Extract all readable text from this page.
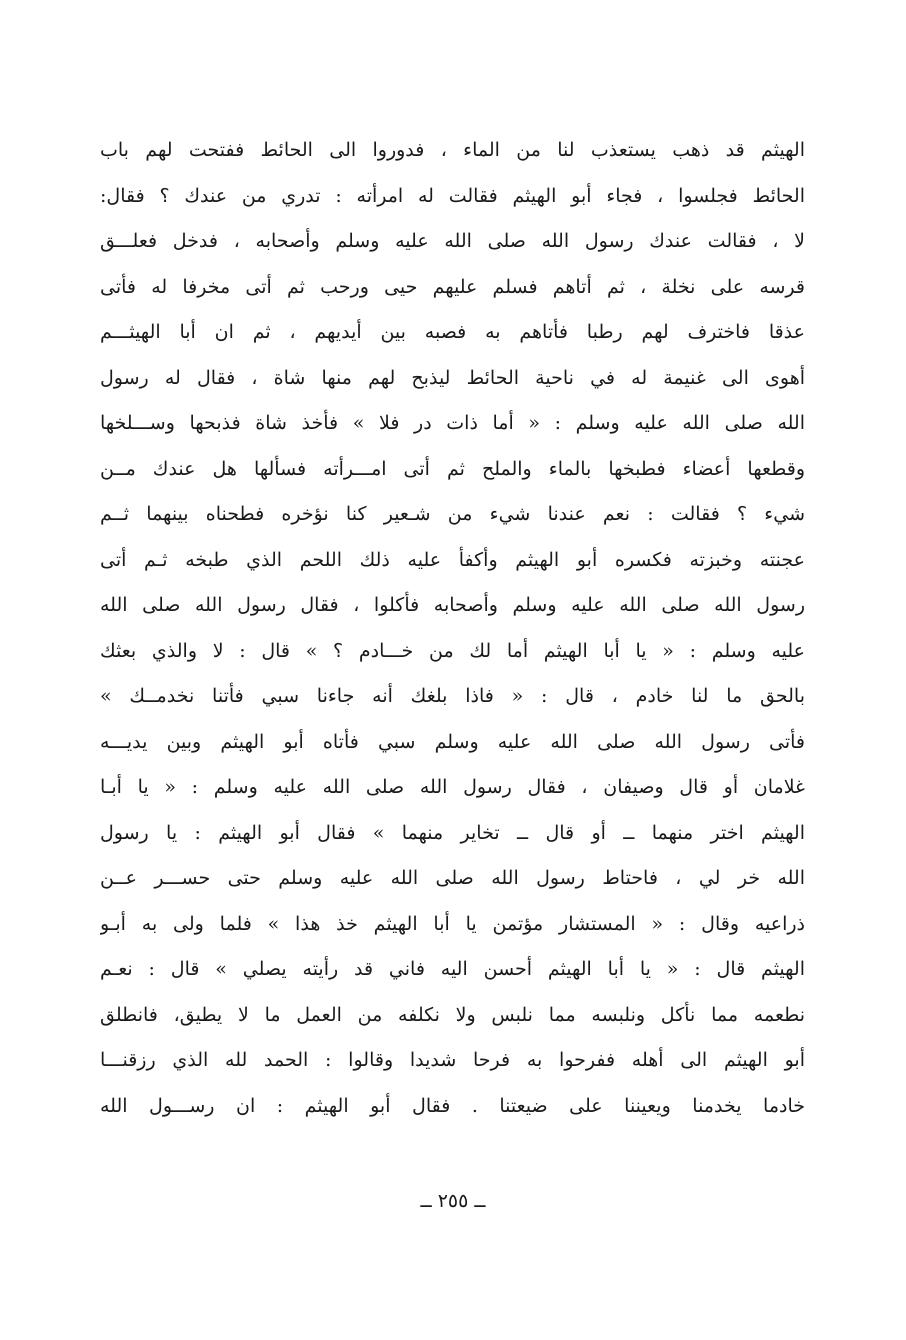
الهيثم قد ذهب يستعذب لنا من الماء ، فدوروا الى الحائط ففتحت لهم باب
الحائط فجلسوا ، فجاء أبو الهيثم فقالت له امرأته : تدري من عندك ؟ فقال:
لا ، فقالت عندك رسول الله صلى الله عليه وسلم وأصحابه ، فدخل فعلـــق
قرسه على نخلة ، ثم أتاهم فسلم عليهم حيى ورحب ثم أتى مخرفا له فأتى
عذقا فاخترف لهم رطبا فأتاهم به فصبه بين أيديهم ، ثم ان أبا الهيثـــم
أهوى الى غنيمة له في ناحية الحائط ليذبح لهم منها شاة ، فقال له رسول
الله صلى الله عليه وسلم : « أما ذات در فلا » فأخذ شاة فذبحها وســـلخها
وقطعها أعضاء فطبخها بالماء والملح ثم أتى امـــرأته فسألها هل عندك مــن
شيء ؟ فقالت : نعم عندنا شيء من شـعير كنا نؤخره فطحناه بينهما ثــم
عجنته وخبزته فكسره أبو الهيثم وأكفأ عليه ذلك اللحم الذي طبخه ثـم أتى
رسول الله صلى الله عليه وسلم وأصحابه فأكلوا ، فقال رسول الله صلى الله
عليه وسلم : « يا أبا الهيثم أما لك من خـــادم ؟ » قال : لا والذي بعثك
بالحق ما لنا خادم ، قال : « فاذا بلغك أنه جاءنا سبي فأتنا نخدمــك »
فأتى رسول الله صلى الله عليه وسلم سبي فأتاه أبو الهيثم وبين يديـــه
غلامان أو قال وصيفان ، فقال رسول الله صلى الله عليه وسلم : « يا أبـا
الهيثم اختر منهما ــ أو قال ــ تخاير منهما » فقال أبو الهيثم : يا رسول
الله خر لي ، فاحتاط رسول الله صلى الله عليه وسلم حتى حســـر عــن
ذراعيه وقال : « المستشار مؤتمن يا أبا الهيثم خذ هذا » فلما ولى به أبـو
الهيثم قال : « يا أبا الهيثم أحسن اليه فاني قد رأيته يصلي » قال : نعـم
نطعمه مما نأكل ونلبسه مما نلبس ولا نكلفه من العمل ما لا يطيق، فانطلق
أبو الهيثم الى أهله ففرحوا به فرحا شديدا وقالوا : الحمد لله الذي رزقنـــا
خادما يخدمنا ويعيننا على ضيعتنا . فقال أبو الهيثم : ان رســـول الله
ــ ٢٥٥ ــ
